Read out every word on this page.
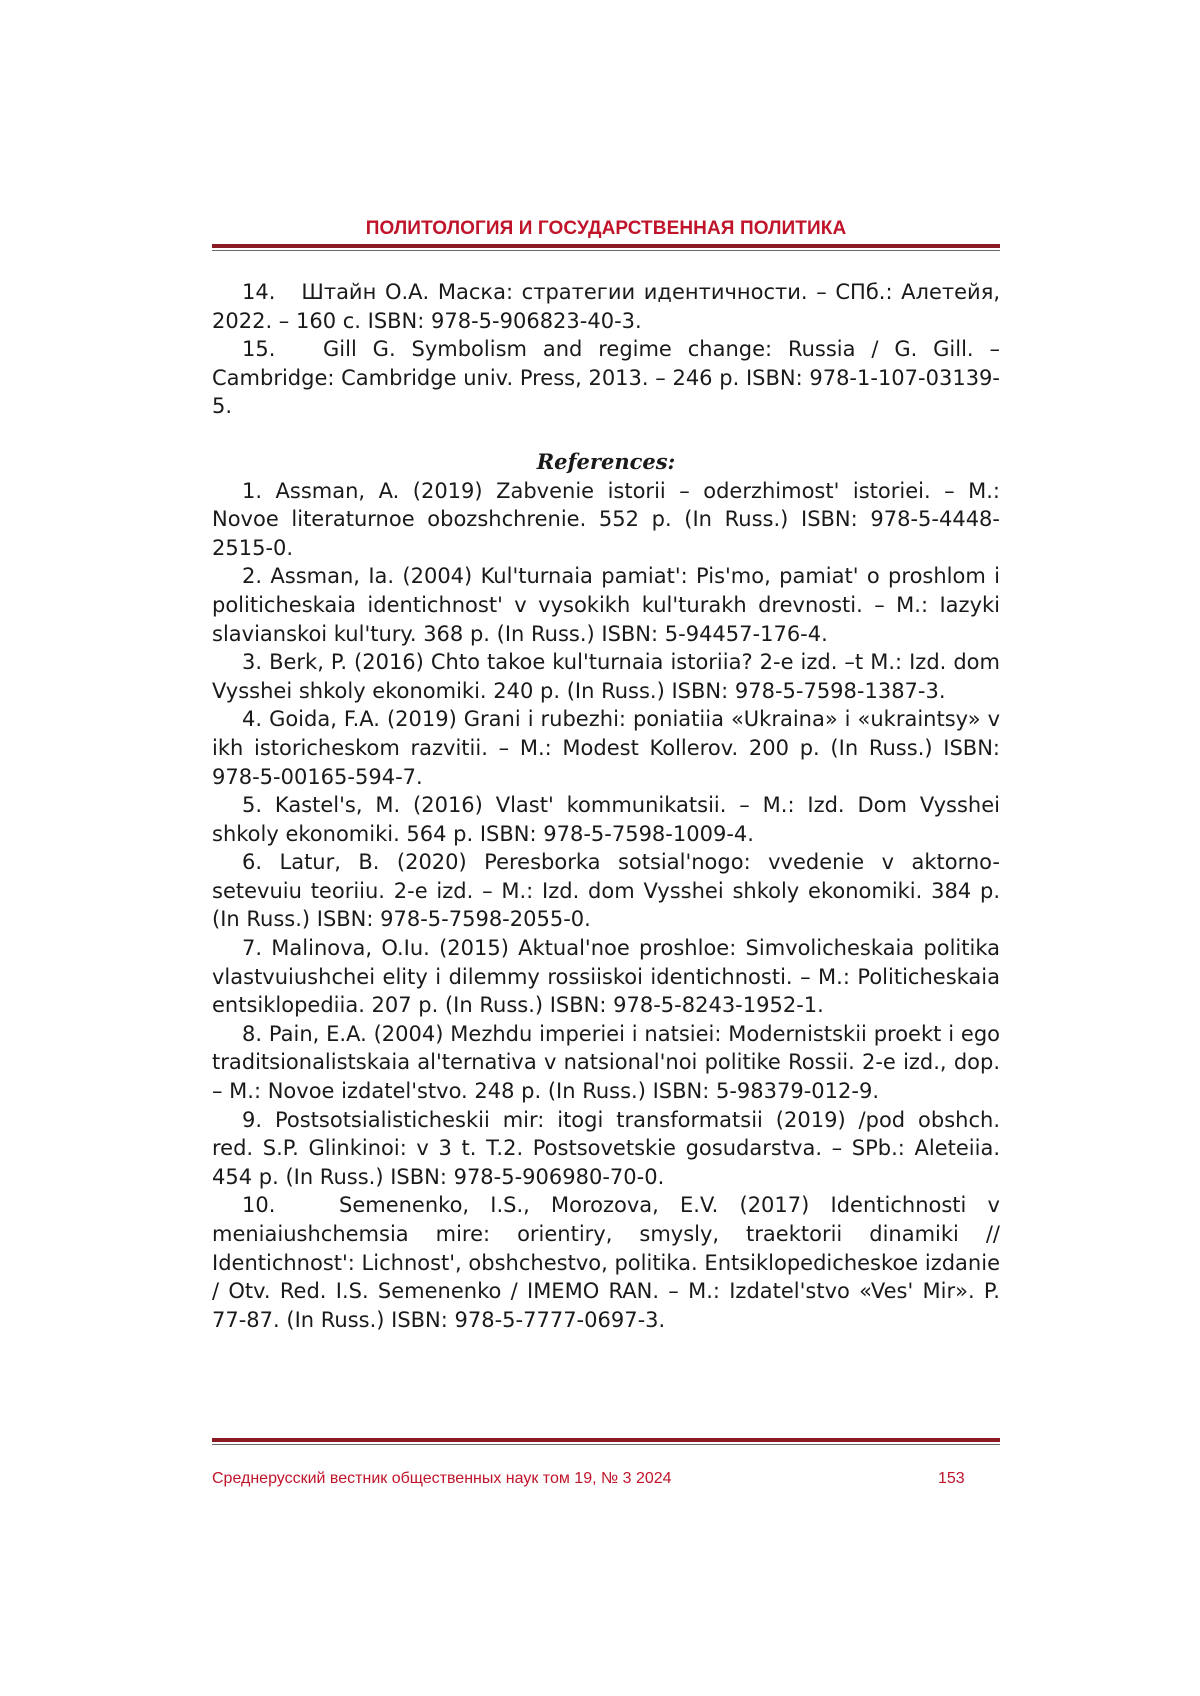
ПОЛИТОЛОГИЯ И ГОСУДАРСТВЕННАЯ ПОЛИТИКА

14. Штайн О.А. Маска: стратегии идентичности. – СПб.: Алетейя, 2022. – 160 с. ISBN: 978-5-906823-40-3.

15. Gill G. Symbolism and regime change: Russia / G. Gill. – Cambridge: Cambridge univ. Press, 2013. – 246 p. ISBN: 978-1-107-03139-5.

References:

1. Assman, A. (2019) Zabvenie istorii – oderzhimost' istoriei. – M.: Novoe literaturnoe obozshchrenie. 552 p. (In Russ.) ISBN: 978-5-4448-2515-0.

2. Assman, Ia. (2004) Kul'turnaia pamiat': Pis'mo, pamiat' o proshlom i politicheskaia identichnost' v vysokikh kul'turakh drevnosti. – M.: Iazyki slavianskoi kul'tury. 368 p. (In Russ.) ISBN: 5-94457-176-4.

3. Berk, P. (2016) Chto takoe kul'turnaia istoriia? 2-e izd. –t M.: Izd. dom Vysshei shkoly ekonomiki. 240 p. (In Russ.) ISBN: 978-5-7598-1387-3.

4. Goida, F.A. (2019) Grani i rubezhi: poniatiia «Ukraina» i «ukraintsy» v ikh istoricheskom razvitii. – M.: Modest Kollerov. 200 p. (In Russ.) ISBN: 978-5-00165-594-7.

5. Kastel's, M. (2016) Vlast' kommunikatsii. – M.: Izd. Dom Vysshei shkoly ekonomiki. 564 p. ISBN: 978-5-7598-1009-4.

6. Latur, B. (2020) Peresborka sotsial'nogo: vvedenie v aktorno-setevuiu teoriiu. 2-e izd. – M.: Izd. dom Vysshei shkoly ekonomiki. 384 p. (In Russ.) ISBN: 978-5-7598-2055-0.

7. Malinova, O.Iu. (2015) Aktual'noe proshloe: Simvolicheskaia politika vlastvuiushchei elity i dilemmy rossiiskoi identichnosti. – M.: Politicheskaia entsiklopediia. 207 p. (In Russ.) ISBN: 978-5-8243-1952-1.

8. Pain, E.A. (2004) Mezhdu imperiei i natsiei: Modernistskii proekt i ego traditsionalistskaia al'ternativa v natsional'noi politike Rossii. 2-e izd., dop. – M.: Novoe izdatel'stvo. 248 p. (In Russ.) ISBN: 5-98379-012-9.

9. Postsotsialisticheskii mir: itogi transformatsii (2019) /pod obshch. red. S.P. Glinkinoi: v 3 t. T.2. Postsovetskie gosudarstva. – SPb.: Aleteiia. 454 p. (In Russ.) ISBN: 978-5-906980-70-0.

10.	Semenenko, I.S., Morozova, E.V. (2017) Identichnosti v meniaiushchemsia mire: orientiry, smysly, traektorii dinamiki // Identichnost': Lichnost', obshchestvo, politika. Entsiklopedicheskoe izdanie / Otv. Red. I.S. Semenenko / IMEMO RAN. – M.: Izdatel'stvo «Ves' Mir». P. 77-87. (In Russ.) ISBN: 978-5-7777-0697-3.

Среднерусский вестник общественных наук том 19, № 3 2024	153
